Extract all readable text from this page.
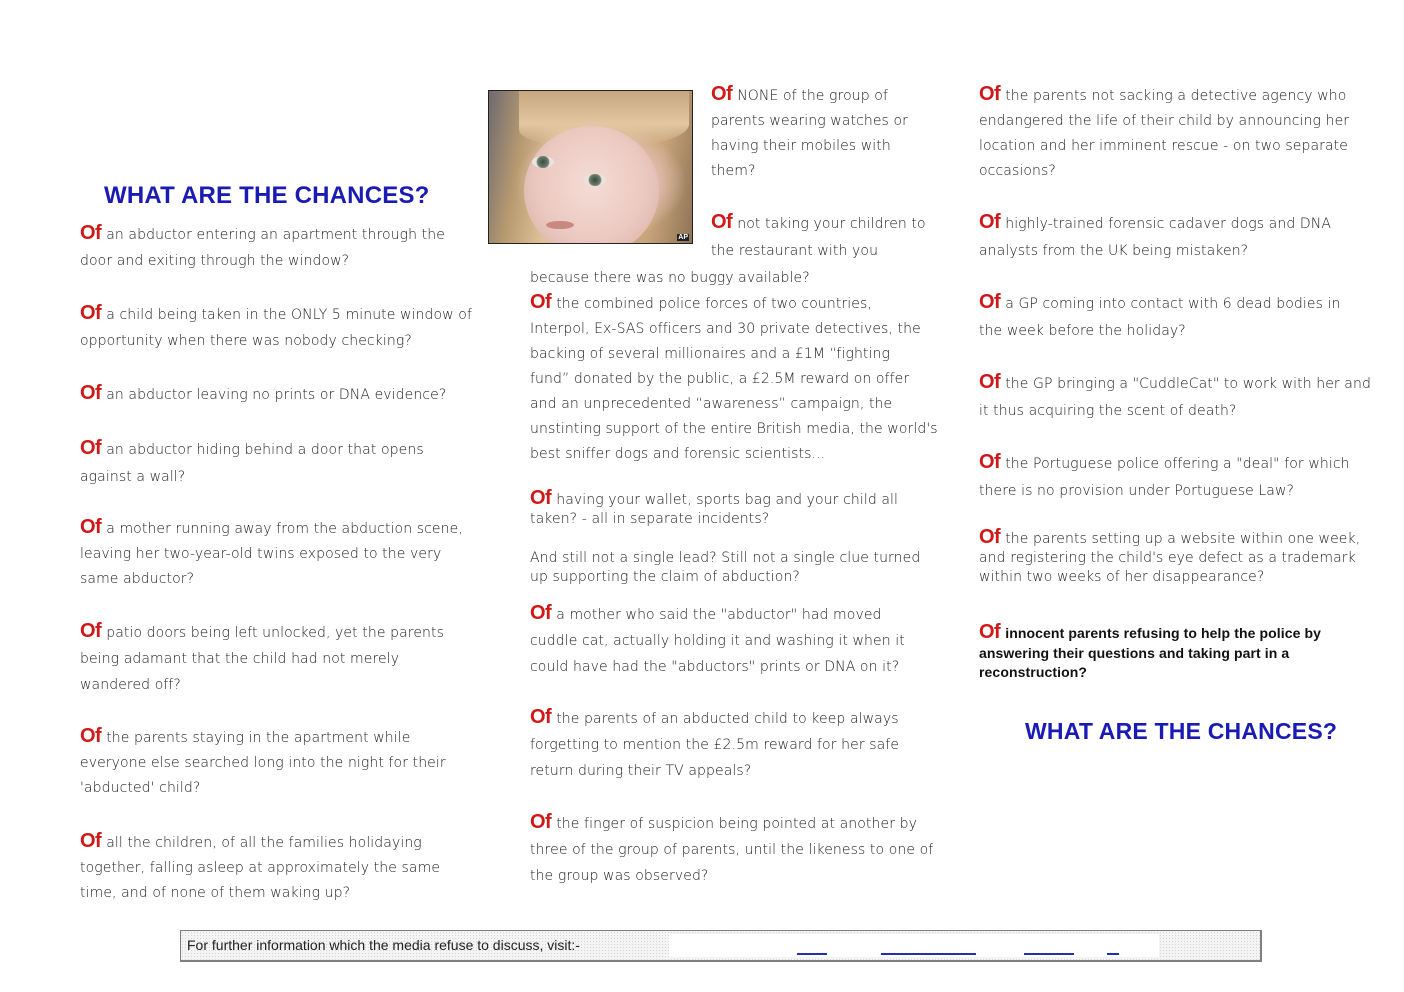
WHAT ARE THE CHANCES?
AP
Of an abductor entering an apartment through the
door and exiting through the window?
Of a child being taken in the ONLY 5 minute window of
opportunity when there was nobody checking?
Of an abductor leaving no prints or DNA evidence?
Of an abductor hiding behind a door that opens
against a wall?
Of a mother running away from the abduction scene,
leaving her two-year-old twins exposed to the very
same abductor?
Of patio doors being left unlocked, yet the parents
being adamant that the child had not merely
wandered off?
Of the parents staying in the apartment while
everyone else searched long into the night for their
'abducted' child?
Of all the children, of all the families holidaying
together, falling asleep at approximately the same
time, and of none of them waking up?
Of NONE of the group of
parents wearing watches or
having their mobiles with
them?
Of not taking your children to
the restaurant with you
because there was no buggy available?
Of the combined police forces of two countries,
Interpol, Ex-SAS officers and 30 private detectives, the
backing of several millionaires and a £1M “fighting
fund” donated by the public, a £2.5M reward on offer
and an unprecedented “awareness” campaign, the
unstinting support of the entire British media, the world's
best sniffer dogs and forensic scientists...
Of having your wallet, sports bag and your child all
taken? - all in separate incidents?
And still not a single lead? Still not a single clue turned
up supporting the claim of abduction?
Of a mother who said the "abductor" had moved
cuddle cat, actually holding it and washing it when it
could have had the "abductors" prints or DNA on it?
Of the parents of an abducted child to keep always
forgetting to mention the £2.5m reward for her safe
return during their TV appeals?
Of the finger of suspicion being pointed at another by
three of the group of parents, until the likeness to one of
the group was observed?
Of the parents not sacking a detective agency who
endangered the life of their child by announcing her
location and her imminent rescue - on two separate
occasions?
Of highly-trained forensic cadaver dogs and DNA
analysts from the UK being mistaken?
Of a GP coming into contact with 6 dead bodies in
the week before the holiday?
Of the GP bringing a "CuddleCat" to work with her and
it thus acquiring the scent of death?
Of the Portuguese police offering a "deal" for which
there is no provision under Portuguese Law?
Of the parents setting up a website within one week,
and registering the child's eye defect as a trademark
within two weeks of her disappearance?
Of innocent parents refusing to help the police by
answering their questions and taking part in a
reconstruction?
WHAT ARE THE CHANCES?
For further information which the media refuse to discuss, visit:-
